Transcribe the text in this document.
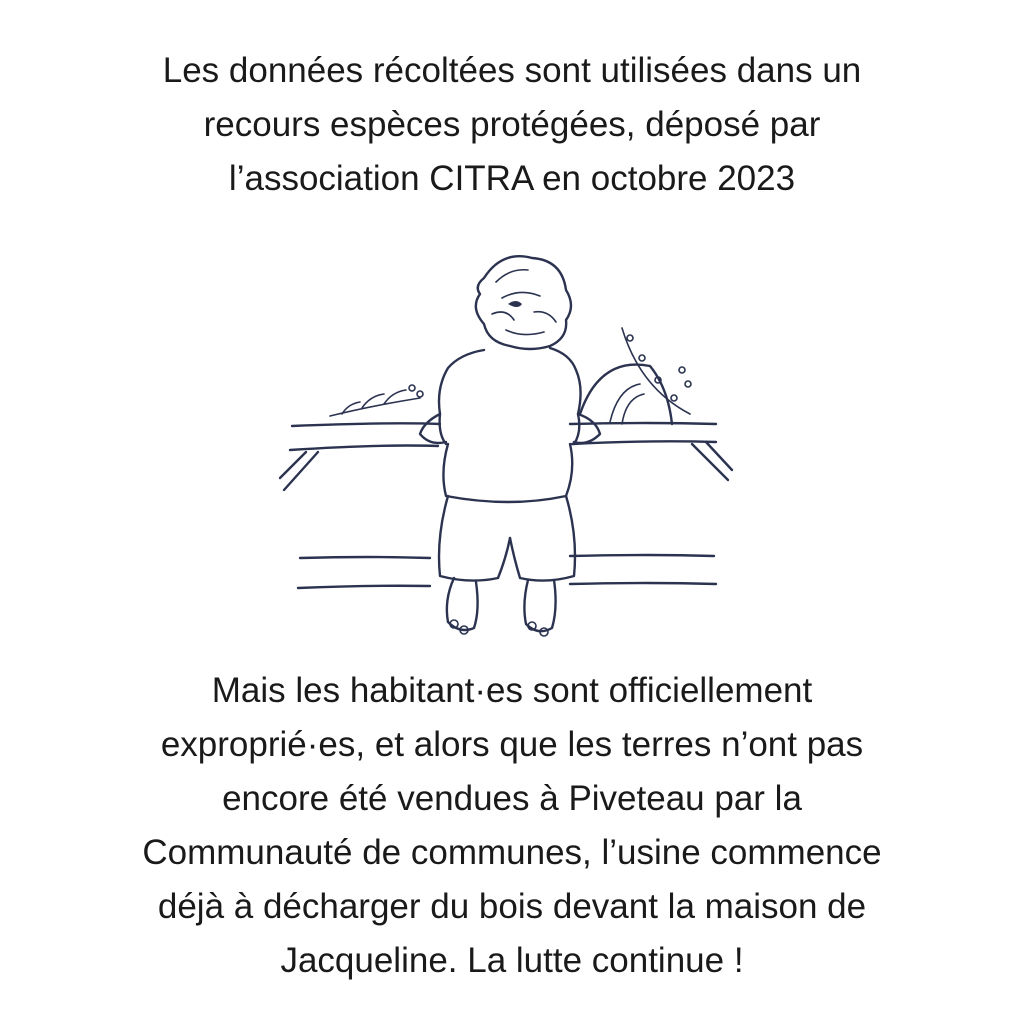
Les données récoltées sont utilisées dans un
recours espèces protégées, déposé par
l’association CITRA en octobre 2023

Mais les habitant·es sont officiellement
exproprié·es, et alors que les terres n’ont pas
encore été vendues à Piveteau par la
Communauté de communes, l’usine commence
déjà à décharger du bois devant la maison de
Jacqueline. La lutte continue !
